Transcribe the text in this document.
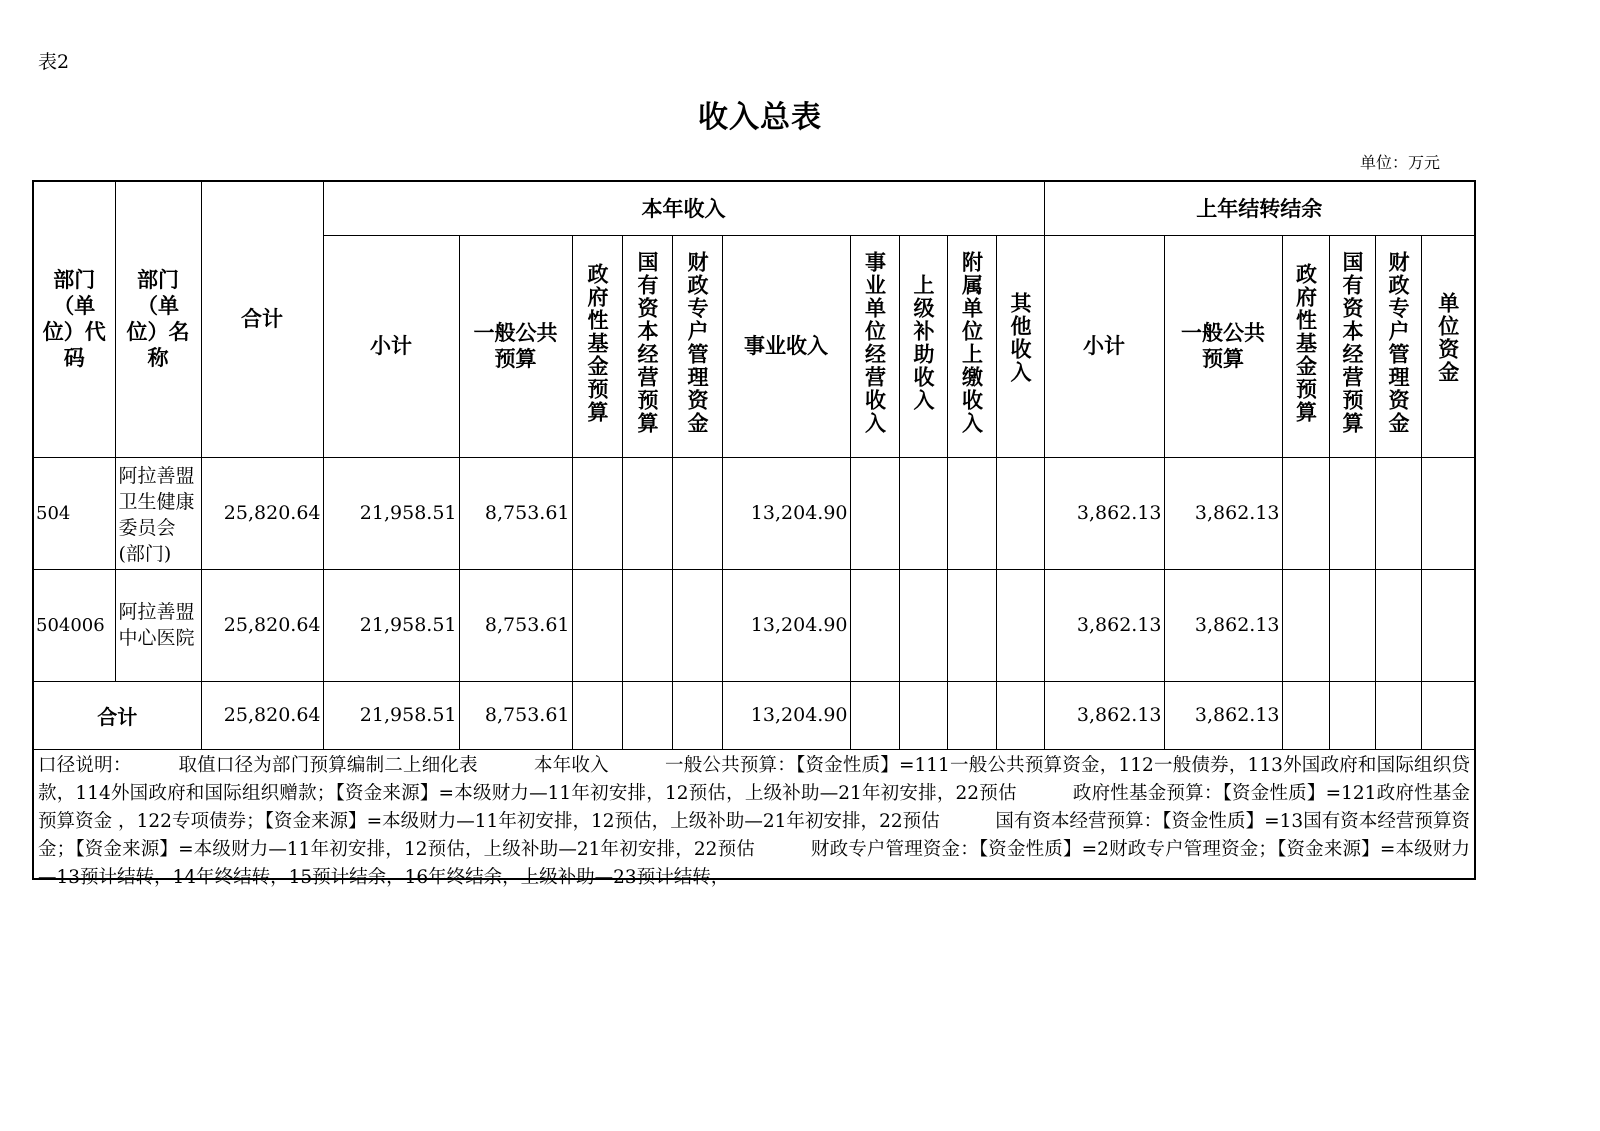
表2
收入总表
单位：万元
部门（单位）代码	部门（单位）名称	合计	本年收入										上年结转结余					
			小计	一般公共预算	政府性基金预算	国有资本经营预算	财政专户管理资金	事业收入	事业单位经营收入	上级补助收入	附属单位上缴收入	其他收入	小计	一般公共预算	政府性基金预算	国有资本经营预算	财政专户管理资金	单位资金
504	阿拉善盟卫生健康委员会(部门)	25,820.64	21,958.51	8,753.61				13,204.90					3,862.13	3,862.13				
504006	阿拉善盟中心医院	25,820.64	21,958.51	8,753.61				13,204.90					3,862.13	3,862.13				
合计		25,820.64	21,958.51	8,753.61				13,204.90					3,862.13	3,862.13				

口径说明：　　　取值口径为部门预算编制二上细化表　　　本年收入　　　一般公共预算：【资金性质】=111一般公共预算资金，112一般债券，113外国政府和国际组织贷款，114外国政府和国际组织赠款；【资金来源】=本级财力—11年初安排，12预估，上级补助—21年初安排，22预估　　　政府性基金预算：【资金性质】=121政府性基金预算资金 ，122专项债券；【资金来源】=本级财力—11年初安排，12预估，上级补助—21年初安排，22预估　　　国有资本经营预算：【资金性质】=13国有资本经营预算资金；【资金来源】=本级财力—11年初安排，12预估，上级补助—21年初安排，22预估　　　财政专户管理资金：【资金性质】=2财政专户管理资金；【资金来源】=本级财力—13预计结转，14年终结转，15预计结余，16年终结余，上级补助—23预计结转，																		
